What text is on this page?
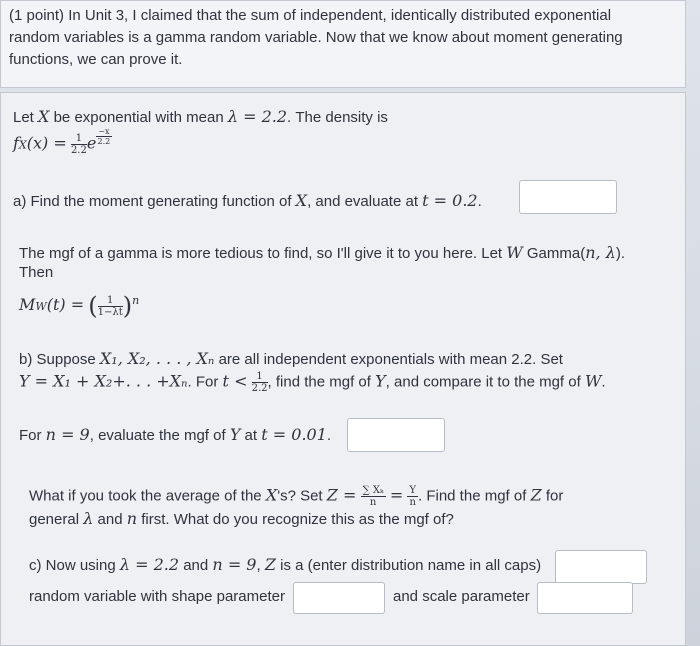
(1 point) In Unit 3, I claimed that the sum of independent, identically distributed exponential

random variables is a gamma random variable. Now that we know about moment generating

functions, we can prove it.

Let X be exponential with mean λ = 2.2. The density is
$fX(x) = \frac{1}{2.2}$ e $\frac{-x}{2.2}$
a) Find the moment generating function of X, and evaluate at t = 0.2.
The mgf of a gamma is more tedious to find, so I'll give it to you here. Let W Gamma(n, λ).
Then
MW(t) = ( $\frac{1}{1-\lambda t} )^n$
b) Suppose X₁, X₂, . . . , Xₙ are all independent exponentials with mean 2.2. Set
Y = X₁ + X₂+. . . +Xₙ. For $t < \frac{1}{2.2}$ , find the mgf of Y, and compare it to the mgf of W.
For n = 9, evaluate the mgf of Y at t = 0.01.
What if you took the average of the X's? Set $Z = \frac{\text{∑ Xₖ}}{n} = \frac{Y}{n}$ . Find the mgf of Z for
general λ and n first. What do you recognize this as the mgf of?
c) Now using λ = 2.2 and n = 9, Z is a (enter distribution name in all caps)
random variable with shape parameter	and scale parameter
